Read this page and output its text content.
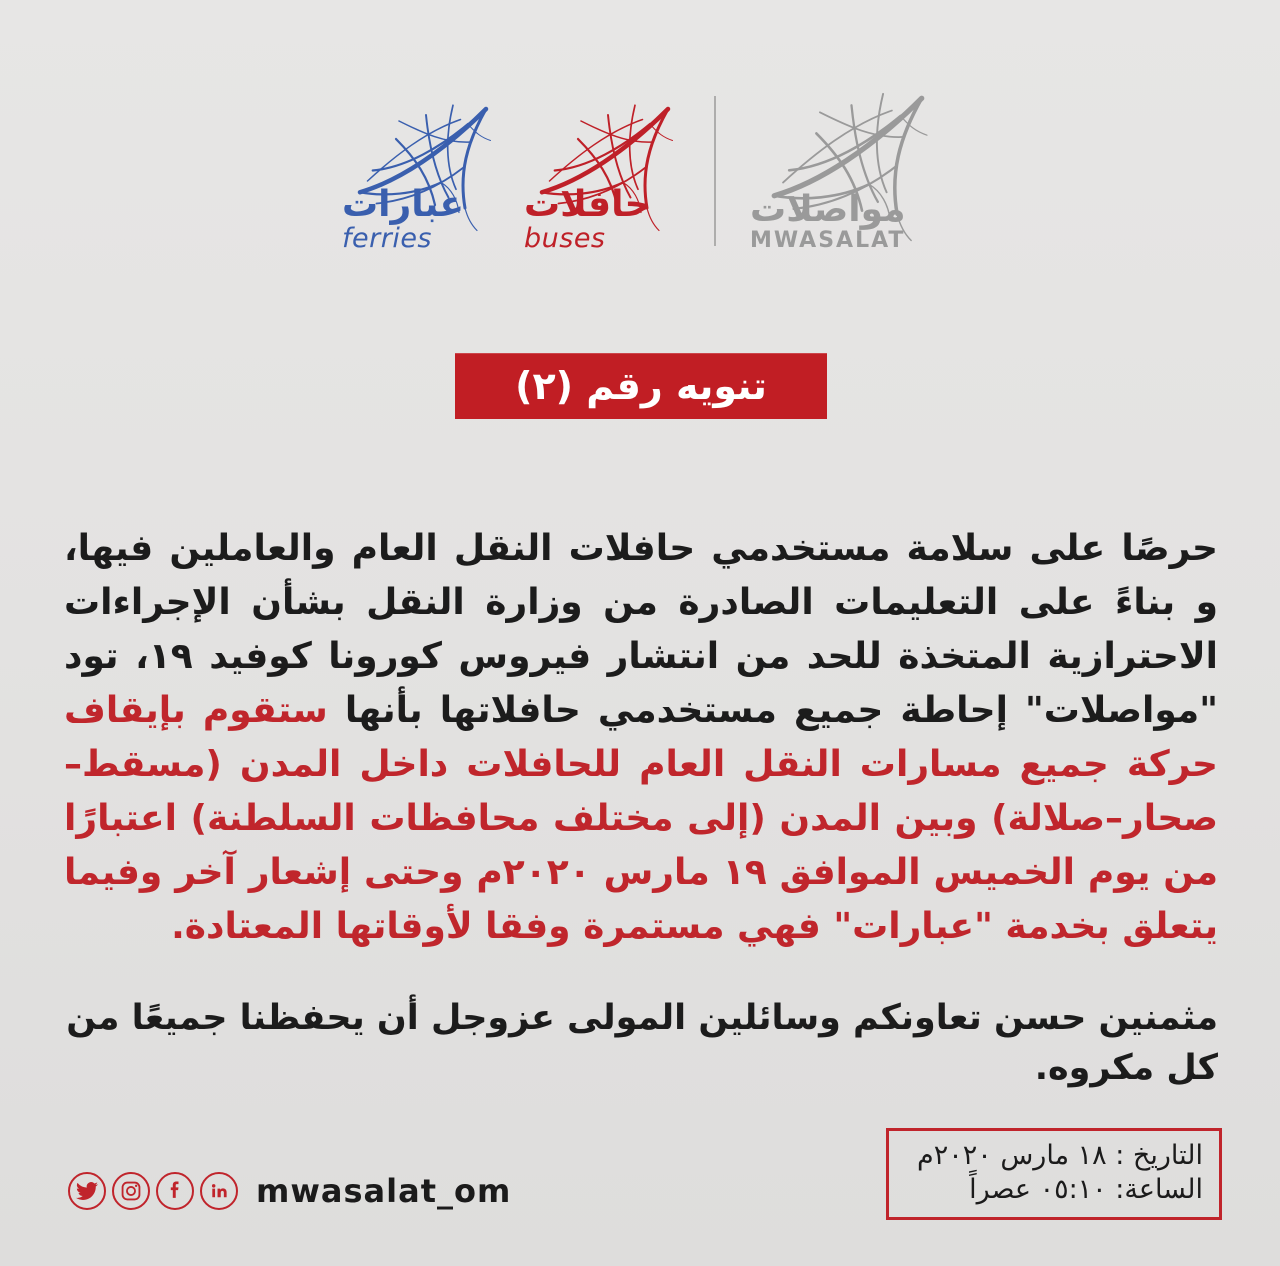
عبارات
ferries
حافلات
buses
مواصلات
MWASALAT
تنويه رقم (٢)

حرصًا على سلامة مستخدمي حافلات النقل العام والعاملين فيها، و بناءً على التعليمات الصادرة من وزارة النقل بشأن الإجراءات الاحترازية المتخذة للحد من انتشار فيروس كورونا كوفيد ١٩، تود "مواصلات" إحاطة جميع مستخدمي حافلاتها بأنها ستقوم بإيقاف حركة جميع مسارات النقل العام للحافلات داخل المدن (مسقط–صحار–صلالة) وبين المدن (إلى مختلف محافظات السلطنة) اعتبارًا من يوم الخميس الموافق ١٩ مارس ٢٠٢٠م وحتى إشعار آخر وفيما يتعلق بخدمة "عبارات" فهي مستمرة وفقا لأوقاتها المعتادة.

مثمنين حسن تعاونكم وسائلين المولى عزوجل أن يحفظنا جميعًا من كل مكروه.

mwasalat_om
التاريخ : ١٨ مارس ٢٠٢٠م
الساعة: ٠٥:١٠ عصراً
